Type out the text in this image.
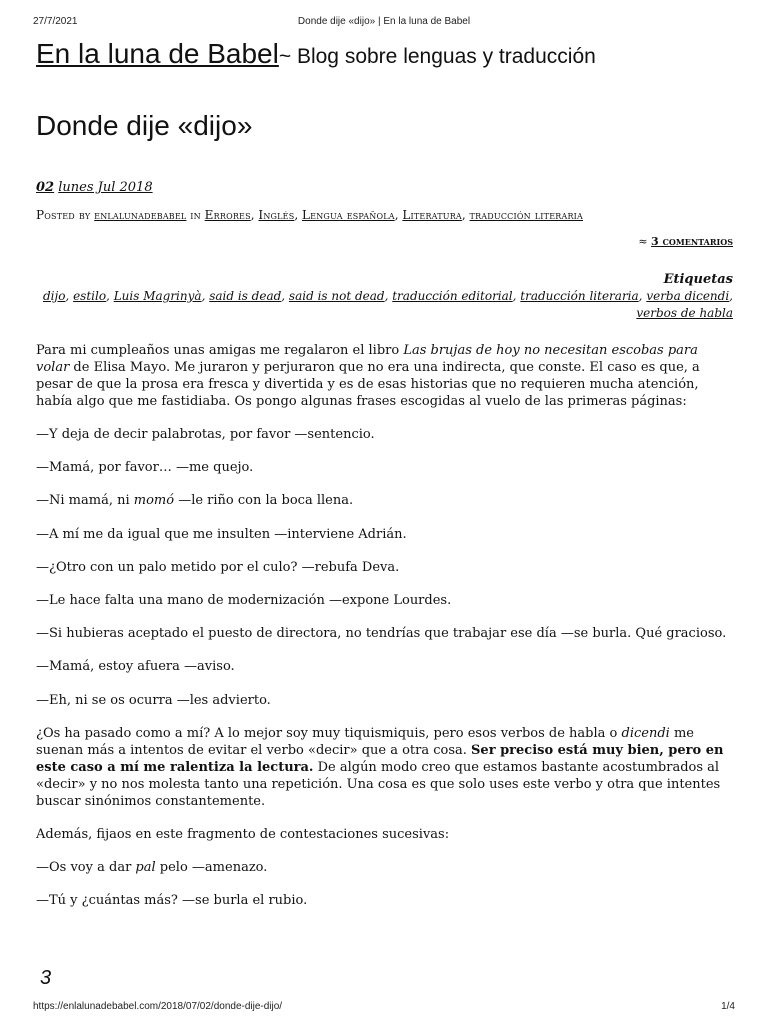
27/7/2021	Donde dije «dijo» | En la luna de Babel
En la luna de Babel~ Blog sobre lenguas y traducción
Donde dije «dijo»

02 lunes Jul 2018

Posted by enlalunadebabel in Errores, Inglés, Lengua española, Literatura, traducción literaria

≈ 3 comentarios

Etiquetas
dijo, estilo, Luis Magrinyà, said is dead, said is not dead, traducción editorial, traducción literaria, verba dicendi, verbos de habla

Para mi cumpleaños unas amigas me regalaron el libro Las brujas de hoy no necesitan escobas para volar de Elisa Mayo. Me juraron y perjuraron que no era una indirecta, que conste. El caso es que, a pesar de que la prosa era fresca y divertida y es de esas historias que no requieren mucha atención, había algo que me fastidiaba. Os pongo algunas frases escogidas al vuelo de las primeras páginas:

—Y deja de decir palabrotas, por favor —sentencio.

—Mamá, por favor… —me quejo.

—Ni mamá, ni momó —le riño con la boca llena.

—A mí me da igual que me insulten —interviene Adrián.

—¿Otro con un palo metido por el culo? —rebufa Deva.

—Le hace falta una mano de modernización —expone Lourdes.

—Si hubieras aceptado el puesto de directora, no tendrías que trabajar ese día —se burla. Qué gracioso.

—Mamá, estoy afuera —aviso.

—Eh, ni se os ocurra —les advierto.

¿Os ha pasado como a mí? A lo mejor soy muy tiquismiquis, pero esos verbos de habla o dicendi me suenan más a intentos de evitar el verbo «decir» que a otra cosa. Ser preciso está muy bien, pero en este caso a mí me ralentiza la lectura. De algún modo creo que estamos bastante acostumbrados al «decir» y no nos molesta tanto una repetición. Una cosa es que solo uses este verbo y otra que intentes buscar sinónimos constantemente.

Además, fijaos en este fragmento de contestaciones sucesivas:

—Os voy a dar pal pelo —amenazo.

—Tú y ¿cuántas más? —se burla el rubio.

3
https://enlalunadebabel.com/2018/07/02/donde-dije-dijo/	1/4
